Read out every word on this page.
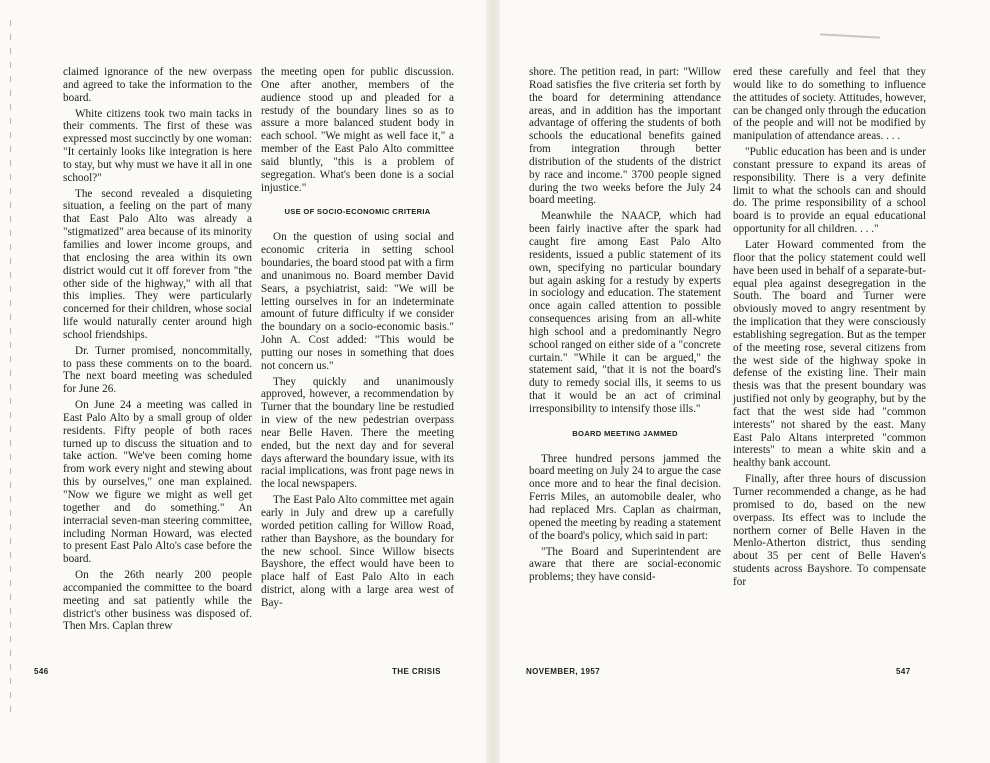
claimed ignorance of the new overpass and agreed to take the information to the board.

White citizens took two main tacks in their comments. The first of these was expressed most succinctly by one woman: "It certainly looks like integration is here to stay, but why must we have it all in one school?"

The second revealed a disquieting situation, a feeling on the part of many that East Palo Alto was already a "stigmatized" area because of its minority families and lower income groups, and that enclosing the area within its own district would cut it off forever from "the other side of the highway," with all that this implies. They were particularly concerned for their children, whose social life would naturally center around high school friendships.

Dr. Turner promised, noncommitally, to pass these comments on to the board. The next board meeting was scheduled for June 26.

On June 24 a meeting was called in East Palo Alto by a small group of older residents. Fifty people of both races turned up to discuss the situation and to take action. "We've been coming home from work every night and stewing about this by ourselves," one man explained. "Now we figure we might as well get together and do something." An interracial seven-man steering committee, including Norman Howard, was elected to present East Palo Alto's case before the board.

On the 26th nearly 200 people accompanied the committee to the board meeting and sat patiently while the district's other business was disposed of. Then Mrs. Caplan threw

the meeting open for public discussion. One after another, members of the audience stood up and pleaded for a restudy of the boundary lines so as to assure a more balanced student body in each school. "We might as well face it," a member of the East Palo Alto committee said bluntly, "this is a problem of segregation. What's been done is a social injustice."

USE OF SOCIO-ECONOMIC CRITERIA

On the question of using social and economic criteria in setting school boundaries, the board stood pat with a firm and unanimous no. Board member David Sears, a psychiatrist, said: "We will be letting ourselves in for an indeterminate amount of future difficulty if we consider the boundary on a socio-economic basis." John A. Cost added: "This would be putting our noses in something that does not concern us."

They quickly and unanimously approved, however, a recommendation by Turner that the boundary line be restudied in view of the new pedestrian overpass near Belle Haven. There the meeting ended, but the next day and for several days afterward the boundary issue, with its racial implications, was front page news in the local newspapers.

The East Palo Alto committee met again early in July and drew up a carefully worded petition calling for Willow Road, rather than Bayshore, as the boundary for the new school. Since Willow bisects Bayshore, the effect would have been to place half of East Palo Alto in each district, along with a large area west of Bay-

546	THE CRISIS

shore. The petition read, in part: "Willow Road satisfies the five criteria set forth by the board for determining attendance areas, and in addition has the important advantage of offering the students of both schools the educational benefits gained from integration through better distribution of the students of the district by race and income." 3700 people signed during the two weeks before the July 24 board meeting.

Meanwhile the NAACP, which had been fairly inactive after the spark had caught fire among East Palo Alto residents, issued a public statement of its own, specifying no particular boundary but again asking for a restudy by experts in sociology and education. The statement once again called attention to possible consequences arising from an all-white high school and a predominantly Negro school ranged on either side of a "concrete curtain." "While it can be argued," the statement said, "that it is not the board's duty to remedy social ills, it seems to us that it would be an act of criminal irresponsibility to intensify those ills."

BOARD MEETING JAMMED

Three hundred persons jammed the board meeting on July 24 to argue the case once more and to hear the final decision. Ferris Miles, an automobile dealer, who had replaced Mrs. Caplan as chairman, opened the meeting by reading a statement of the board's policy, which said in part:

"The Board and Superintendent are aware that there are social-economic problems; they have consid-

ered these carefully and feel that they would like to do something to influence the attitudes of society. Attitudes, however, can be changed only through the education of the people and will not be modified by manipulation of attendance areas. . . .

"Public education has been and is under constant pressure to expand its areas of responsibility. There is a very definite limit to what the schools can and should do. The prime responsibility of a school board is to provide an equal educational opportunity for all children. . . ."

Later Howard commented from the floor that the policy statement could well have been used in behalf of a separate-but-equal plea against desegregation in the South. The board and Turner were obviously moved to angry resentment by the implication that they were consciously establishing segregation. But as the temper of the meeting rose, several citizens from the west side of the highway spoke in defense of the existing line. Their main thesis was that the present boundary was justified not only by geography, but by the fact that the west side had "common interests" not shared by the east. Many East Palo Altans interpreted "common interests" to mean a white skin and a healthy bank account.

Finally, after three hours of discussion Turner recommended a change, as he had promised to do, based on the new overpass. Its effect was to include the northern corner of Belle Haven in the Menlo-Atherton district, thus sending about 35 per cent of Belle Haven's students across Bayshore. To compensate for

NOVEMBER, 1957	547
